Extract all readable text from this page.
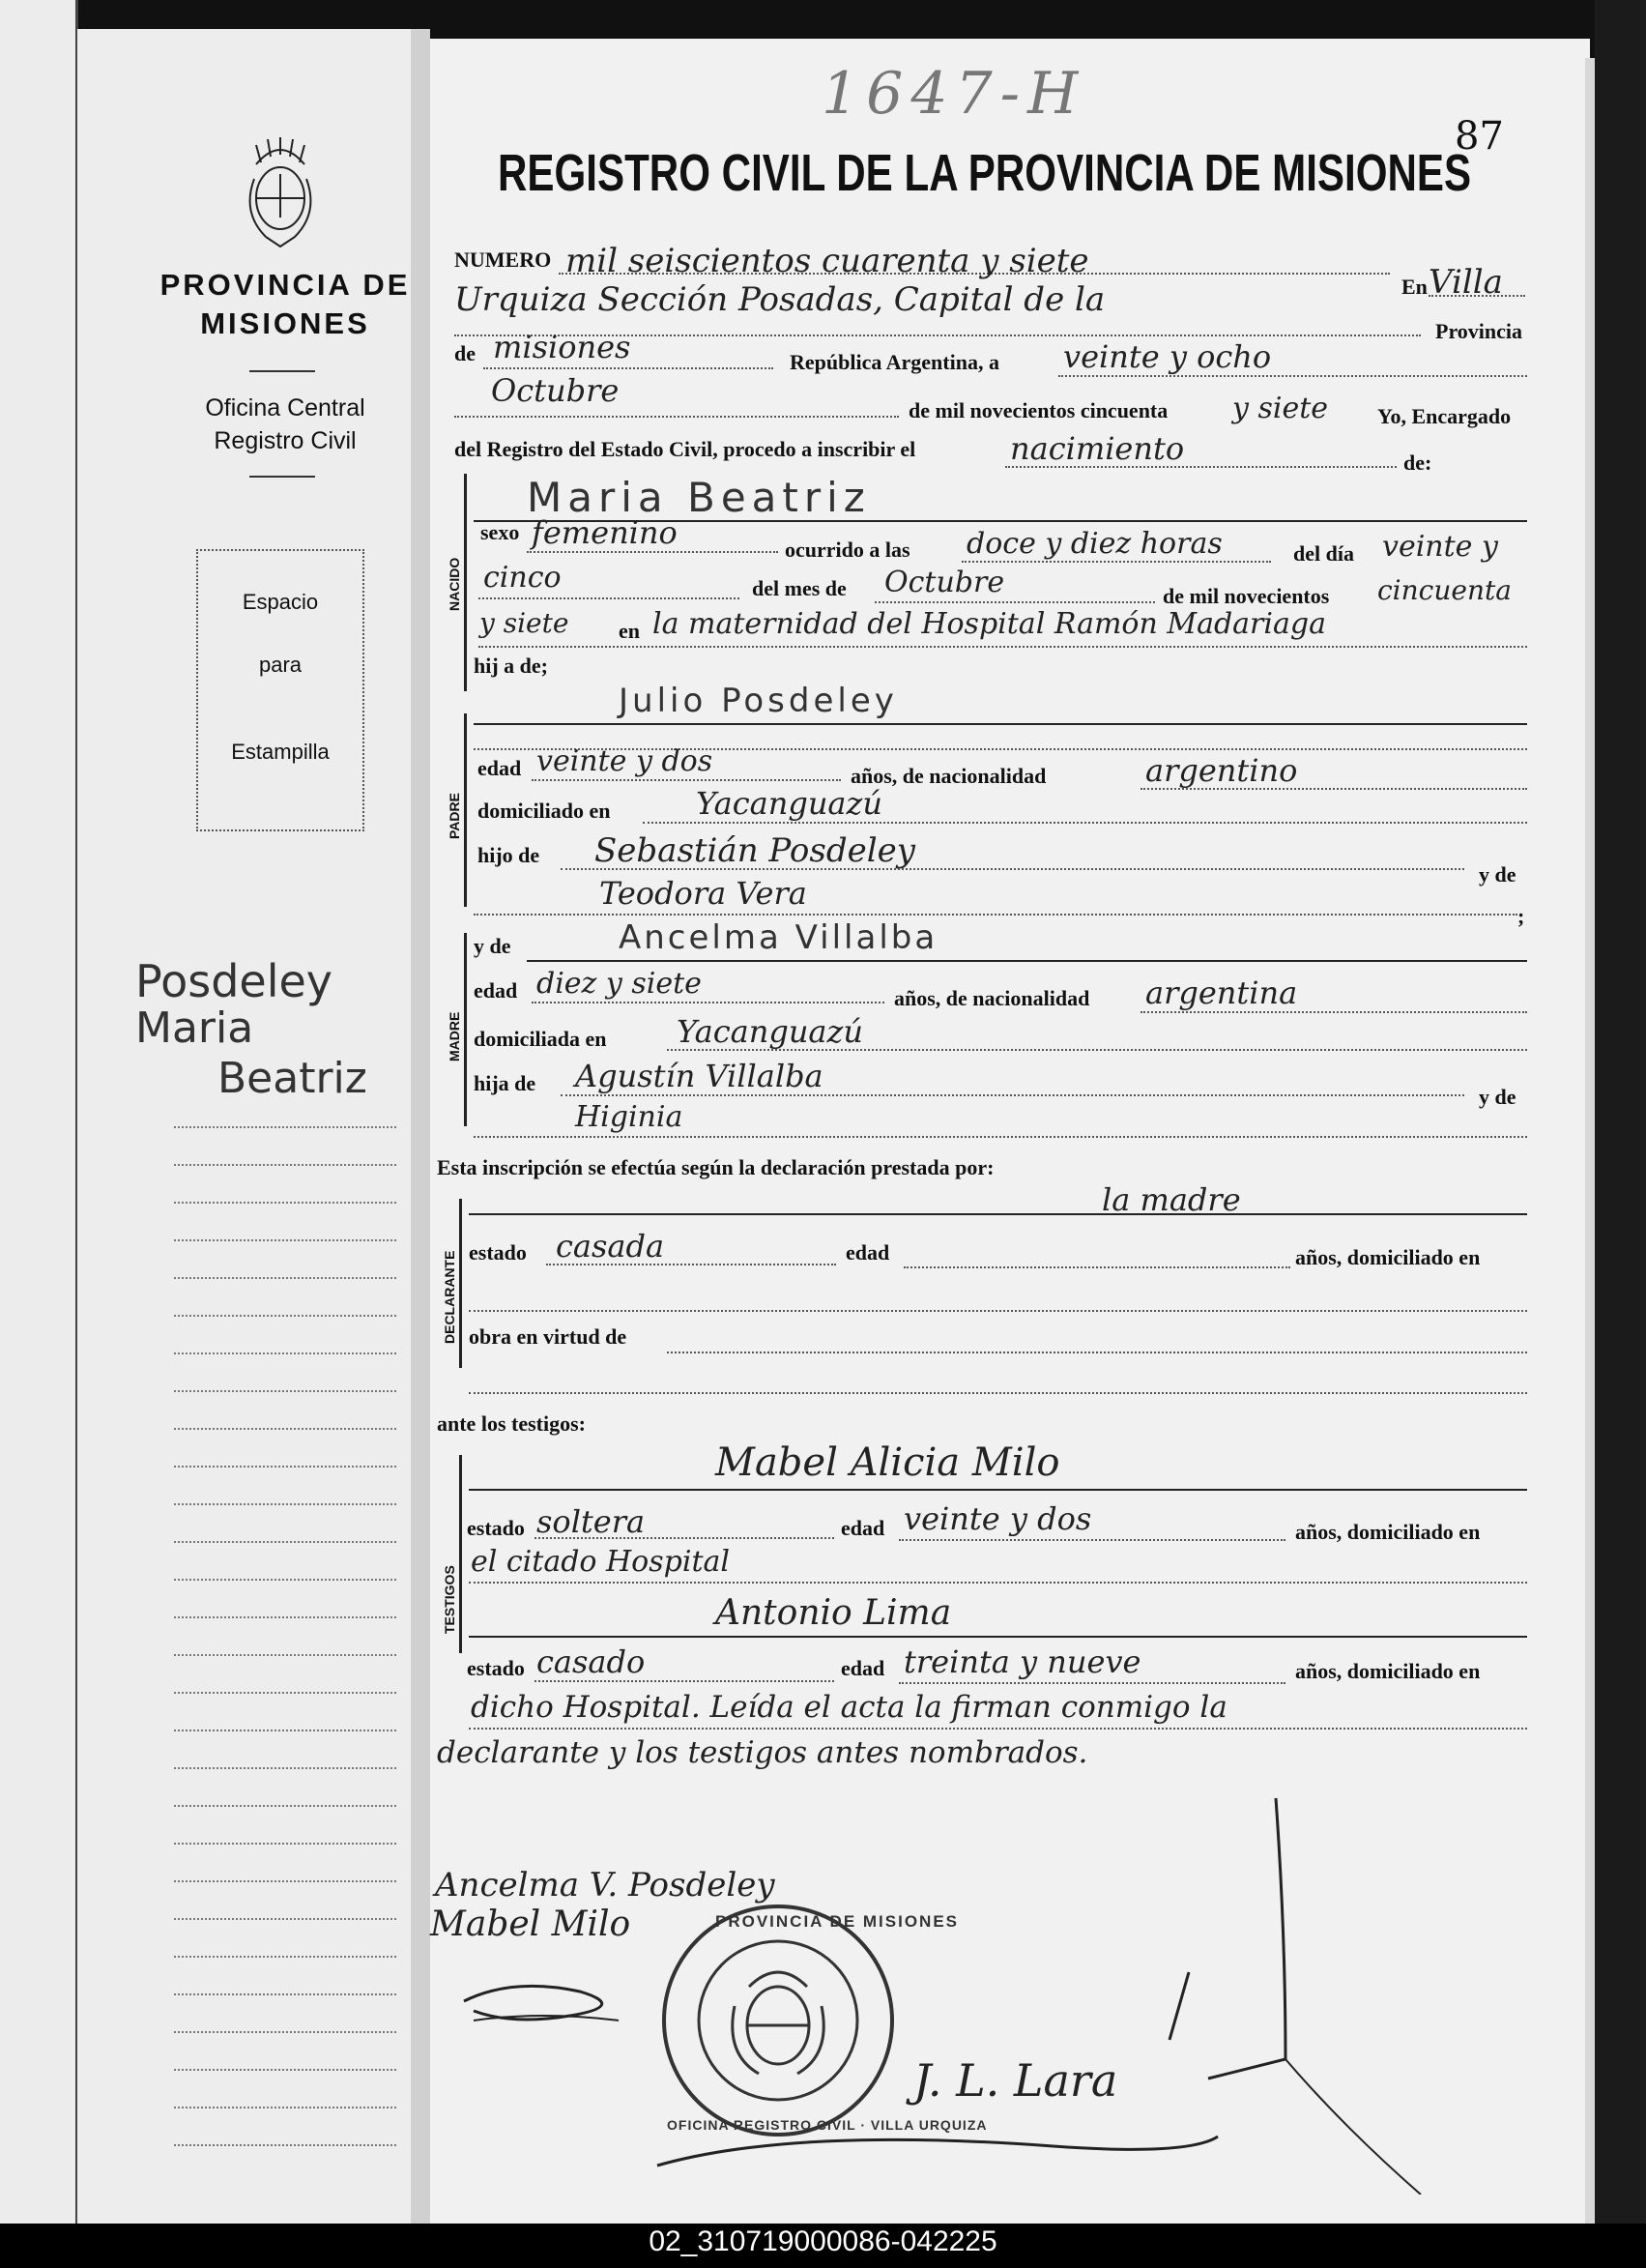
PROVINCIA DE MISIONES
Oficina Central
Registro Civil
Espacio
para
Estampilla
Posdeley
Maria
Beatriz
1647-H
87
REGISTRO CIVIL DE LA PROVINCIA DE MISIONES
NUMERO mil seiscientos cuarenta y siete
En Villa
Urquiza Sección Posadas, Capital de la
Provincia
de misiones	República Argentina, a veinte y ocho
Octubre
de mil novecientos cincuenta y siete Yo, Encargado
del Registro del Estado Civil, procedo a inscribir el	nacimiento	de:
NACIDO
Maria Beatriz
sexo femenino	ocurrido a las doce y diez horas	del día veinte y
cinco	del mes de Octubre	de mil novecientos cincuenta
y siete en la maternidad del Hospital Ramón Madariaga
hij a de;
PADRE
Julio Posdeley
edad veinte y dos	años, de nacionalidad	argentino
domiciliado en	Yacanguazú
hijo de Sebastián Posdeley
y de
Teodora Vera
;
MADRE
y de	Ancelma Villalba
edad diez y siete	años, de nacionalidad argentina
domiciliada en Yacanguazú
hija de Agustín Villalba
y de
Higinia
Esta inscripción se efectúa según la declaración prestada por:
la madre
DECLARANTE estado casada	edad	años, domiciliado en
obra en virtud de
ante los testigos:
TESTIGOS
Mabel Alicia Milo
estado soltera	edad veinte y dos	años, domiciliado en
el citado Hospital
Antonio Lima
estado casado	edad treinta y nueve	años, domiciliado en
dicho Hospital. Leída el acta la firman conmigo la
declarante y los testigos antes nombrados.
Ancelma V. Posdeley
Mabel Milo	PROVINCIA DE MISIONES
OFICINA REGISTRO CIVIL · VILLA URQUIZA
J. L. Lara
02_310719000086-042225
